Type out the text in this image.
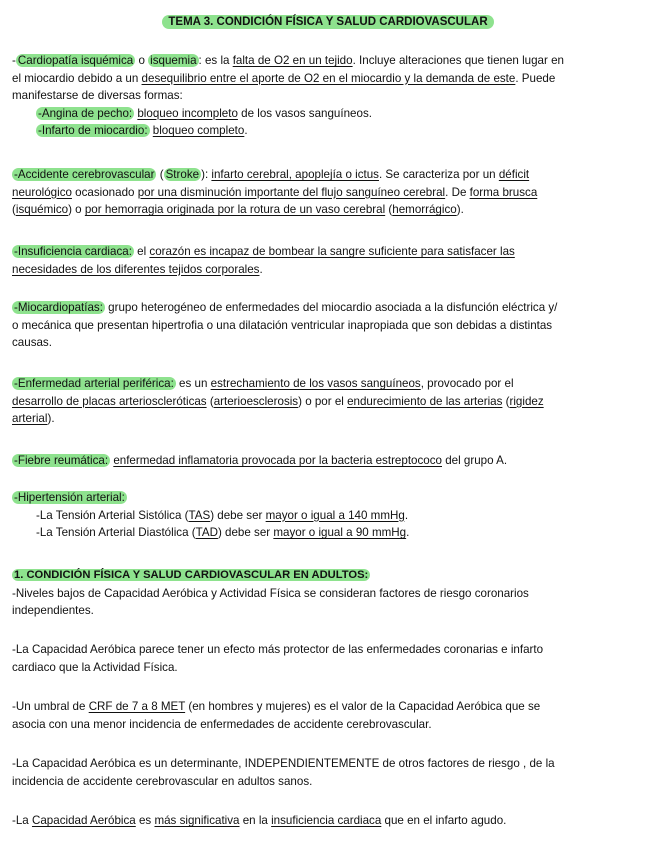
TEMA 3. CONDICIÓN FÍSICA Y SALUD CARDIOVASCULAR
- Cardiopatía isquémica o isquemia : es la falta de O2 en un tejido. Incluye alteraciones que tienen lugar en
el miocardio debido a un desequilibrio entre el aporte de O2 en el miocardio y la demanda de este. Puede
manifestarse de diversas formas:
-Angina de pecho: bloqueo incompleto de los vasos sanguíneos.
-Infarto de miocardio: bloqueo completo.
-Accidente cerebrovascular ( Stroke ): infarto cerebral, apoplejía o ictus. Se caracteriza por un déficit
neurológico ocasionado por una disminución importante del flujo sanguíneo cerebral. De forma brusca
(isquémico) o por hemorragia originada por la rotura de un vaso cerebral (hemorrágico).
-Insuficiencia cardiaca: el corazón es incapaz de bombear la sangre suficiente para satisfacer las
necesidades de los diferentes tejidos corporales.
-Miocardiopatías: grupo heterogéneo de enfermedades del miocardio asociada a la disfunción eléctrica y/
o mecánica que presentan hipertrofia o una dilatación ventricular inapropiada que son debidas a distintas
causas.
-Enfermedad arterial periférica: es un estrechamiento de los vasos sanguíneos, provocado por el
desarrollo de placas arterioscleróticas (arterioesclerosis) o por el endurecimiento de las arterias (rigidez
arterial).
-Fiebre reumática: enfermedad inflamatoria provocada por la bacteria estreptococo del grupo A.
-Hipertensión arterial:
-La Tensión Arterial Sistólica (TAS) debe ser mayor o igual a 140 mmHg.
-La Tensión Arterial Diastólica (TAD) debe ser mayor o igual a 90 mmHg.
1. CONDICIÓN FÍSICA Y SALUD CARDIOVASCULAR EN ADULTOS:
-Niveles bajos de Capacidad Aeróbica y Actividad Física se consideran factores de riesgo coronarios
independientes.
-La Capacidad Aeróbica parece tener un efecto más protector de las enfermedades coronarias e infarto
cardiaco que la Actividad Física.
-Un umbral de CRF de 7 a 8 MET (en hombres y mujeres) es el valor de la Capacidad Aeróbica que se
asocia con una menor incidencia de enfermedades de accidente cerebrovascular.
-La Capacidad Aeróbica es un determinante, INDEPENDIENTEMENTE de otros factores de riesgo , de la
incidencia de accidente cerebrovascular en adultos sanos.
-La Capacidad Aeróbica es más significativa en la insuficiencia cardiaca que en el infarto agudo.
